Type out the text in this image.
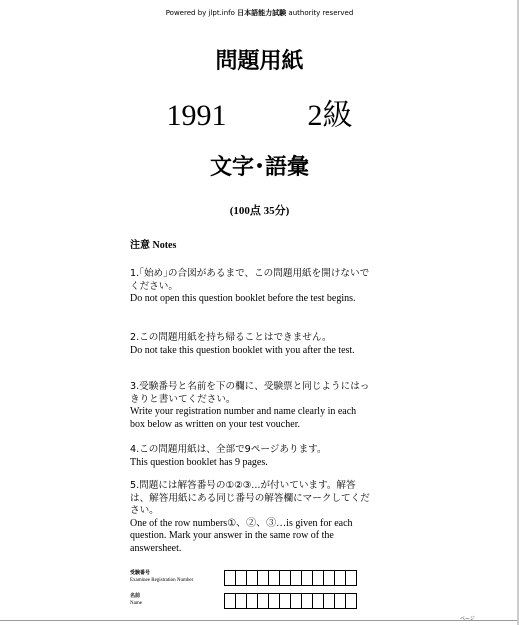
Powered by jlpt.info 日本語能力試験 authority reserved
問題用紙
1991	2級
文字･語彙
(100点 35分)
注意 Notes
1.｢始め｣の合図があるまで、この問題用紙を開けないでください。
Do not open this question booklet before the test begins.
2.この問題用紙を持ち帰ることはできません。
Do not take this question booklet with you after the test.
3.受験番号と名前を下の欄に、受験票と同じようにはっきりと書いてください。
Write your registration number and name clearly in each box below as written on your test voucher.
4.この問題用紙は、全部で9ページあります。
This question booklet has 9 pages.
5.問題には解答番号の①②③...が付いています。解答は、解答用紙にある同じ番号の解答欄にマークしてください。
One of the row numbers①、②、③…is given for each question. Mark your answer in the same row of the answersheet.
受験番号
Examinee Registration Number
名前
Name
ページ
